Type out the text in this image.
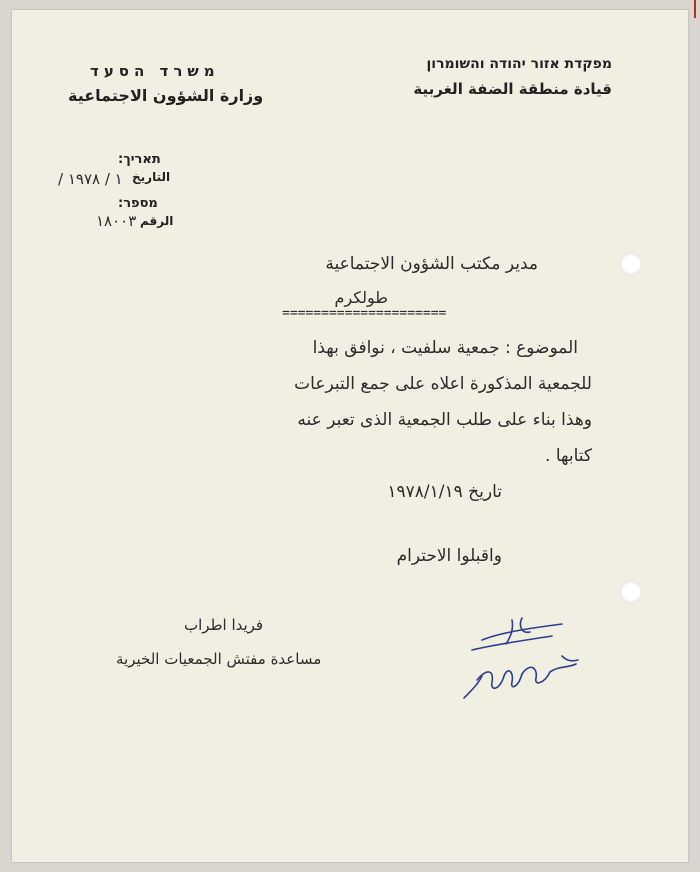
מפקדת אזור יהודה והשומרון
قيادة منطقة الضفة الغربية
משרד הסעד
وزارة الشؤون الاجتماعية
תאריך:
التاريخ
/ ١ / ١٩٧٨
מספר:
الرقم
١٨٠٠٣
مدير مكتب الشؤون الاجتماعية
طولكرم
=====================
الموضوع : جمعية سلفيت ، نوافق بهذا
للجمعية المذكورة اعلاه على جمع التبرعات
وهذا بناء على طلب الجمعية الذى تعبر عنه
كتابها .
تاريخ ١٩٧٨/١/١٩
واقبلوا الاحترام
فريدا اطراب
مساعدة مفتش الجمعيات الخيرية
